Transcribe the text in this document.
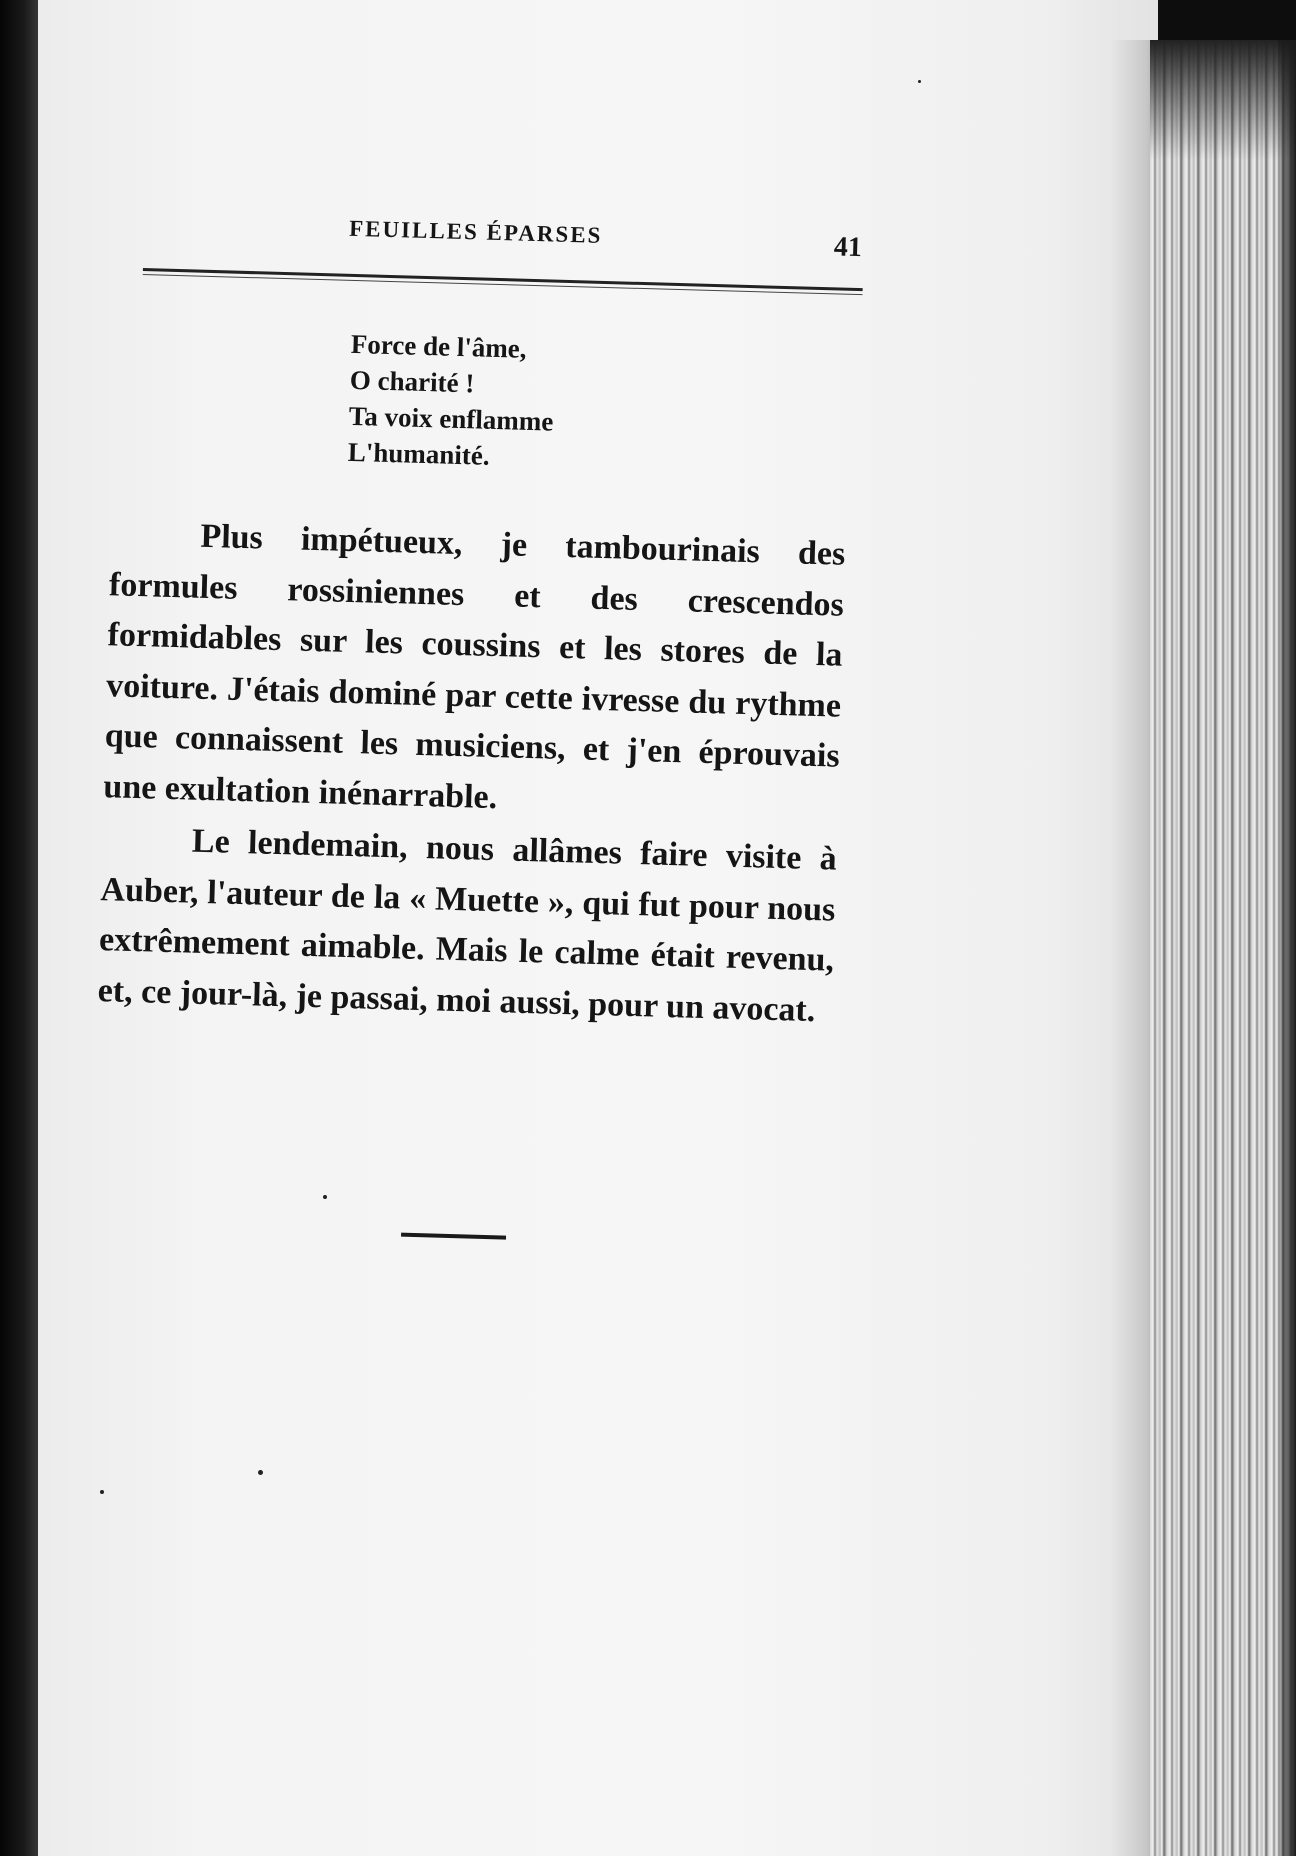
FEUILLES ÉPARSES	41
Force de l'âme,
O charité !
Ta voix enflamme
L'humanité.

Plus impétueux, je tambourinais des formules rossiniennes et des crescendos formidables sur les coussins et les stores de la voiture. J'étais dominé par cette ivresse du rythme que connaissent les musiciens, et j'en éprouvais une exultation inénarrable.

Le lendemain, nous allâmes faire visite à Auber, l'auteur de la « Muette », qui fut pour nous extrêmement aimable. Mais le calme était revenu, et, ce jour-là, je passai, moi aussi, pour un avocat.
